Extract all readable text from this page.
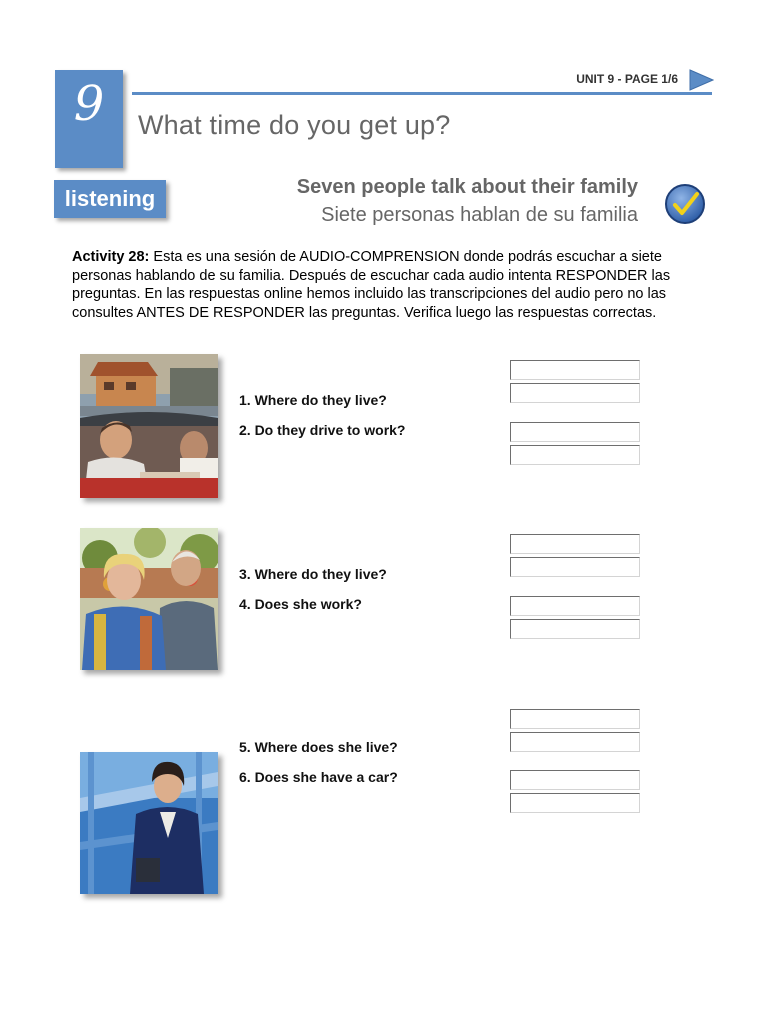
9	UNIT 9 - PAGE 1/6
What time do you get up?
listening	Seven people talk about their family
Siete personas hablan de su familia
Activity 28: Esta es una sesión de AUDIO-COMPRENSION donde podrás escuchar a siete personas hablando de su familia. Después de escuchar cada audio intenta RESPONDER las preguntas. En las respuestas online hemos incluido las transcripciones del audio pero no las consultes ANTES DE RESPONDER las preguntas. Verifica luego las respuestas correctas.
1. Where do they live?
2. Do they drive to work?
3. Where do they live?
4. Does she work?
5. Where does she live?
6. Does she have a car?
